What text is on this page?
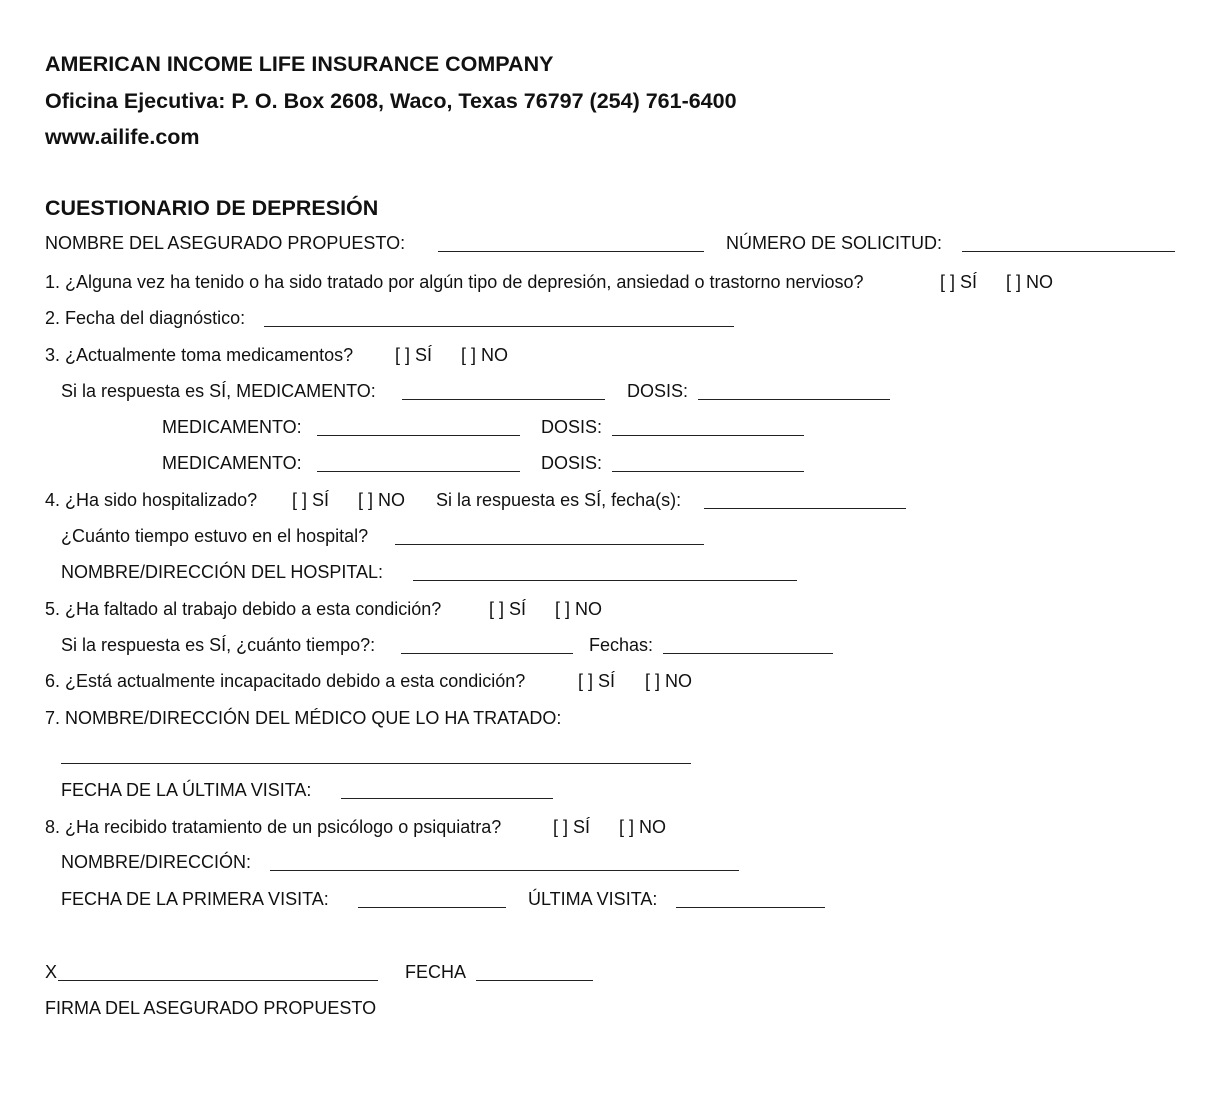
AMERICAN INCOME LIFE INSURANCE COMPANY
Oficina Ejecutiva: P. O. Box 2608, Waco, Texas 76797 (254) 761-6400
www.ailife.com
CUESTIONARIO DE DEPRESIÓN
NOMBRE DEL ASEGURADO PROPUESTO:	NÚMERO DE SOLICITUD:
1. ¿Alguna vez ha tenido o ha sido tratado por algún tipo de depresión, ansiedad o trastorno nervioso?	[ ] SÍ [ ] NO
2. Fecha del diagnóstico:
3. ¿Actualmente toma medicamentos? [ ] SÍ [ ] NO
Si la respuesta es SÍ, MEDICAMENTO:	DOSIS:
MEDICAMENTO:	DOSIS:
MEDICAMENTO:	DOSIS:
4. ¿Ha sido hospitalizado? [ ] SÍ [ ] NO Si la respuesta es SÍ, fecha(s):
¿Cuánto tiempo estuvo en el hospital?
NOMBRE/DIRECCIÓN DEL HOSPITAL:
5. ¿Ha faltado al trabajo debido a esta condición?	[ ] SÍ [ ] NO
Si la respuesta es SÍ, ¿cuánto tiempo?:	Fechas:
6. ¿Está actualmente incapacitado debido a esta condición?	[ ] SÍ [ ] NO
7. NOMBRE/DIRECCIÓN DEL MÉDICO QUE LO HA TRATADO:
FECHA DE LA ÚLTIMA VISITA:
8. ¿Ha recibido tratamiento de un psicólogo o psiquiatra?	[ ] SÍ [ ] NO
NOMBRE/DIRECCIÓN:
FECHA DE LA PRIMERA VISITA:	ÚLTIMA VISITA:
X	FECHA
FIRMA DEL ASEGURADO PROPUESTO
